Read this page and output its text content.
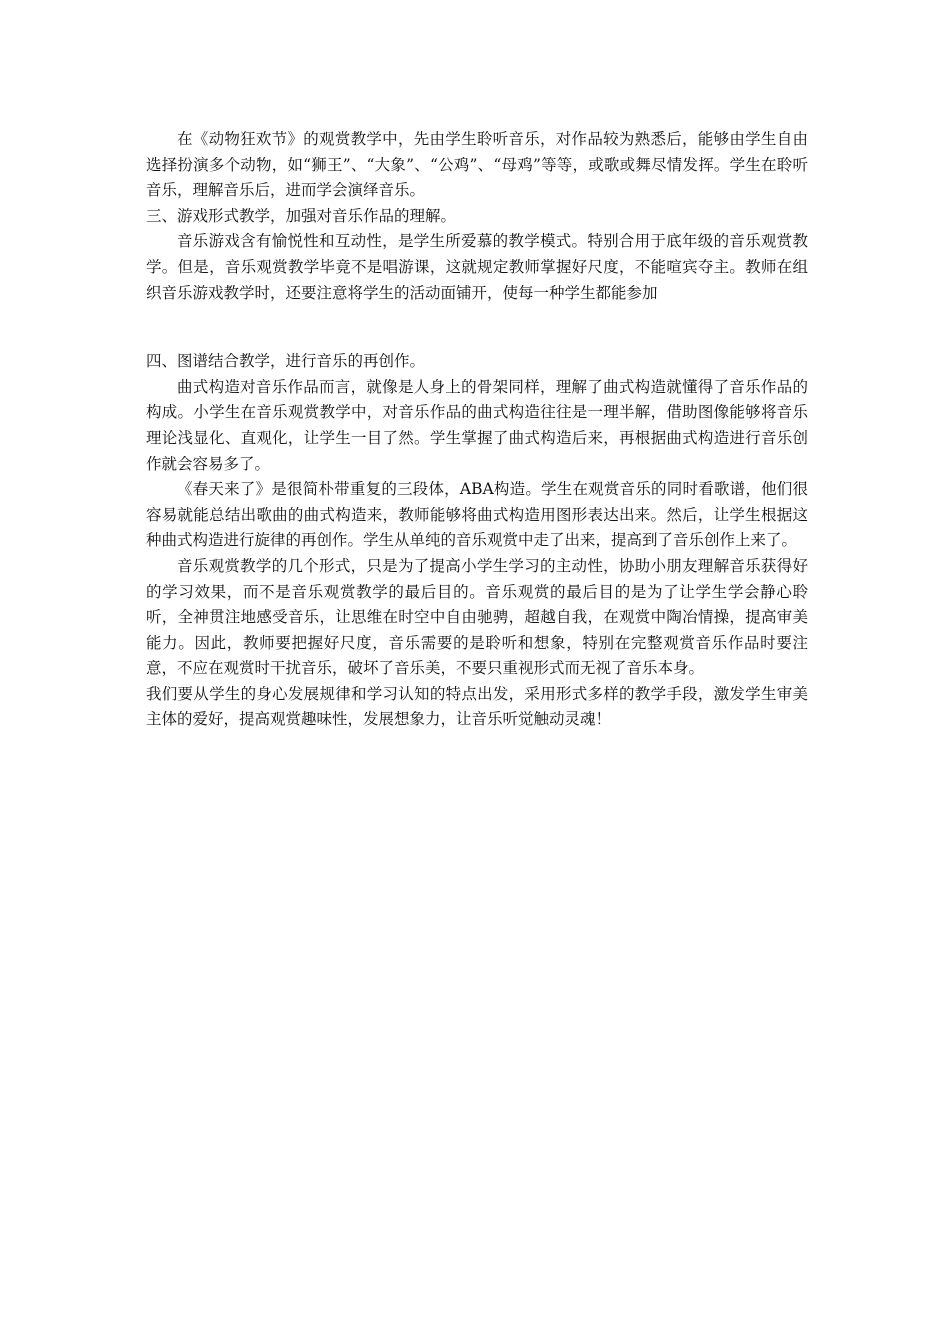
在《动物狂欢节》的观赏教学中，先由学生聆听音乐，对作品较为熟悉后，能够由学生自由选择扮演多个动物，如“狮王”、“大象”、“公鸡”、“母鸡”等等，或歌或舞尽情发挥。学生在聆听音乐，理解音乐后，进而学会演绎音乐。

三、游戏形式教学，加强对音乐作品的理解。

音乐游戏含有愉悦性和互动性，是学生所爱慕的教学模式。特别合用于底年级的音乐观赏教学。但是，音乐观赏教学毕竟不是唱游课，这就规定教师掌握好尺度，不能喧宾夺主。教师在组织音乐游戏教学时，还要注意将学生的活动面铺开，使每一种学生都能参加

四、图谱结合教学，进行音乐的再创作。

曲式构造对音乐作品而言，就像是人身上的骨架同样，理解了曲式构造就懂得了音乐作品的构成。小学生在音乐观赏教学中，对音乐作品的曲式构造往往是一理半解，借助图像能够将音乐理论浅显化、直观化，让学生一目了然。学生掌握了曲式构造后来，再根据曲式构造进行音乐创作就会容易多了。

《春天来了》是很简朴带重复的三段体，ABA构造。学生在观赏音乐的同时看歌谱，他们很容易就能总结出歌曲的曲式构造来，教师能够将曲式构造用图形表达出来。然后，让学生根据这种曲式构造进行旋律的再创作。学生从单纯的音乐观赏中走了出来，提高到了音乐创作上来了。

音乐观赏教学的几个形式，只是为了提高小学生学习的主动性，协助小朋友理解音乐获得好的学习效果，而不是音乐观赏教学的最后目的。音乐观赏的最后目的是为了让学生学会静心聆听，全神贯注地感受音乐，让思维在时空中自由驰骋，超越自我，在观赏中陶冶情操，提高审美能力。因此，教师要把握好尺度，音乐需要的是聆听和想象，特别在完整观赏音乐作品时要注意，不应在观赏时干扰音乐，破坏了音乐美，不要只重视形式而无视了音乐本身。

我们要从学生的身心发展规律和学习认知的特点出发，采用形式多样的教学手段，激发学生审美主体的爱好，提高观赏趣味性，发展想象力，让音乐听觉触动灵魂！
